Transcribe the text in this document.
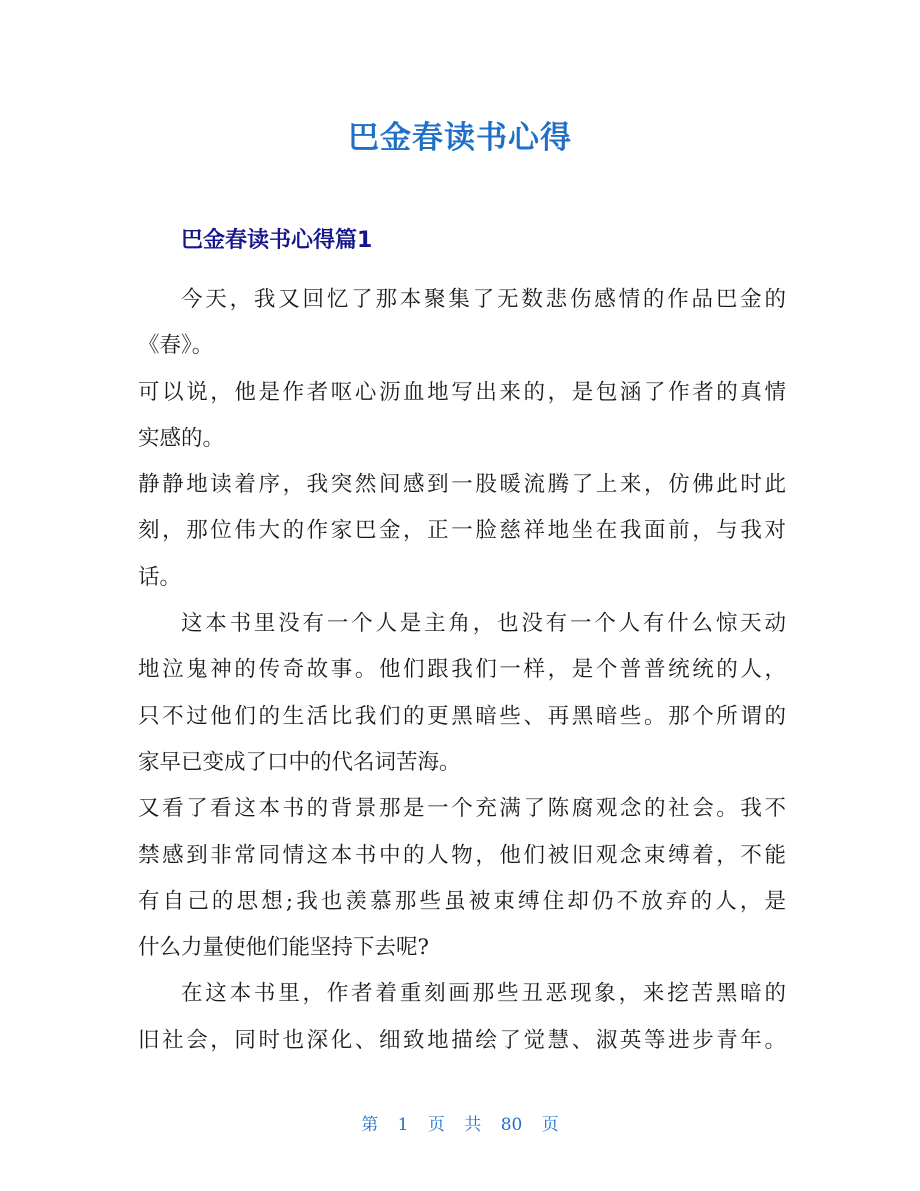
巴金春读书心得
巴金春读书心得篇1
今天，我又回忆了那本聚集了无数悲伤感情的作品巴金的
《春》。
可以说，他是作者呕心沥血地写出来的，是包涵了作者的真情
实感的。
静静地读着序，我突然间感到一股暖流腾了上来，仿佛此时此
刻，那位伟大的作家巴金，正一脸慈祥地坐在我面前，与我对
话。
这本书里没有一个人是主角，也没有一个人有什么惊天动
地泣鬼神的传奇故事。他们跟我们一样，是个普普统统的人，
只不过他们的生活比我们的更黑暗些、再黑暗些。那个所谓的
家早已变成了口中的代名词苦海。
又看了看这本书的背景那是一个充满了陈腐观念的社会。我不
禁感到非常同情这本书中的人物，他们被旧观念束缚着，不能
有自己的思想;我也羡慕那些虽被束缚住却仍不放弃的人，是
什么力量使他们能坚持下去呢?
在这本书里，作者着重刻画那些丑恶现象，来挖苦黑暗的
旧社会，同时也深化、细致地描绘了觉慧、淑英等进步青年。
第 1 页 共 80 页
